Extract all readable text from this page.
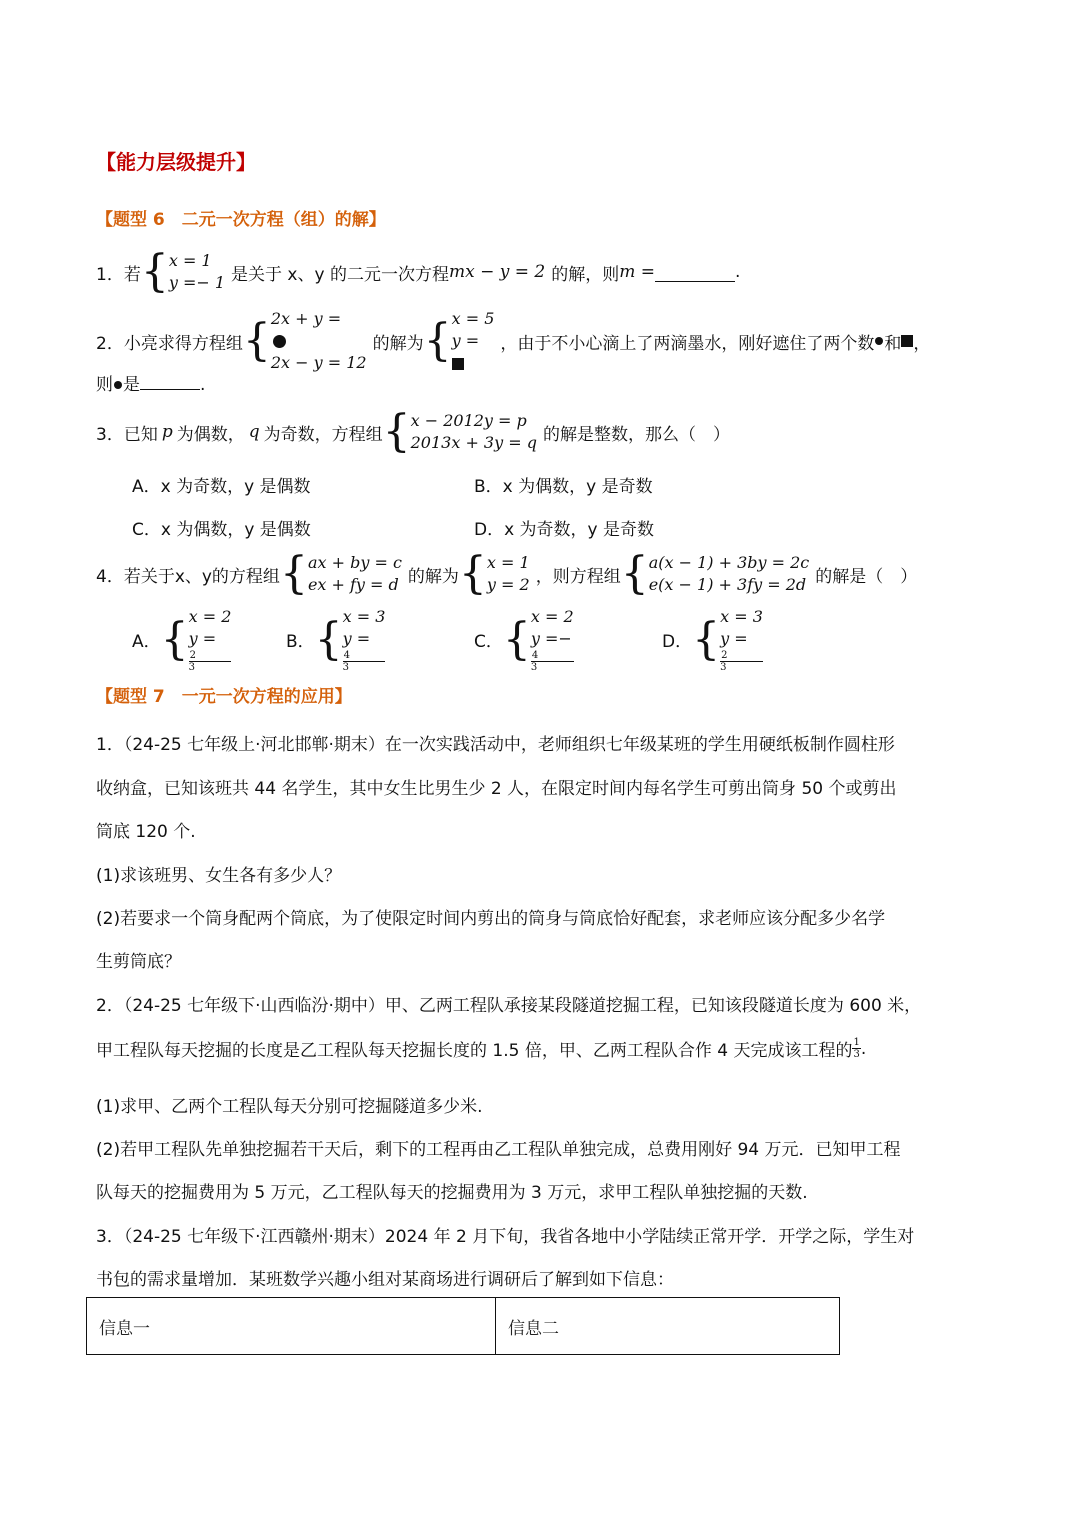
【能力层级提升】
【题型 6　二元一次方程（组）的解】
1．若 { x = 1
y =− 1 是关于 x、y 的二元一次方程 mx − y = 2 的解，则 m =	.
2．小亮求得方程组 { 2x + y =
2x − y = 12
的解为 { x = 5
y =	，由于不小心滴上了两滴墨水，刚好遮住了两个数 和 ，
则 是	.
3．已知 p 为偶数， q 为奇数，方程组 { x − 2012y = p
2013x + 3y = q 的解是整数，那么（　）
A．x 为奇数，y 是偶数	B．x 为偶数，y 是奇数
C．x 为偶数，y 是偶数	D．x 为奇数，y 是奇数
4．若关于x、y的方程组 { ax + by = c
ex + fy = d 的解为 { x = 1
y = 2 ，则方程组 { a(x − 1) + 3by = 2c
e(x − 1) + 3fy = 2d 的解是（　）
A． { x = 2
y =
2
3
B． { x = 3
y =
4
3
C． { x = 2
y =−
4
3
D． { x = 3
y =
2
3
【题型 7　一元一次方程的应用】
1．（24-25 七年级上·河北邯郸·期末）在一次实践活动中，老师组织七年级某班的学生用硬纸板制作圆柱形
收纳盒，已知该班共 44 名学生，其中女生比男生少 2 人，在限定时间内每名学生可剪出筒身 50 个或剪出
筒底 120 个.
(1)求该班男、女生各有多少人？
(2)若要求一个筒身配两个筒底，为了使限定时间内剪出的筒身与筒底恰好配套，求老师应该分配多少名学
生剪筒底？
2．（24-25 七年级下·山西临汾·期中）甲、乙两工程队承接某段隧道挖掘工程，已知该段隧道长度为 600 米，
甲工程队每天挖掘的长度是乙工程队每天挖掘长度的 1.5 倍，甲、乙两工程队合作 4 天完成该工程的 $\frac{1}{3}$ .
(1)求甲、乙两个工程队每天分别可挖掘隧道多少米.
(2)若甲工程队先单独挖掘若干天后，剩下的工程再由乙工程队单独完成，总费用刚好 94 万元．已知甲工程
队每天的挖掘费用为 5 万元，乙工程队每天的挖掘费用为 3 万元，求甲工程队单独挖掘的天数.
3．（24-25 七年级下·江西赣州·期末）2024 年 2 月下旬，我省各地中小学陆续正常开学．开学之际，学生对
书包的需求量增加．某班数学兴趣小组对某商场进行调研后了解到如下信息：
信息一	信息二
